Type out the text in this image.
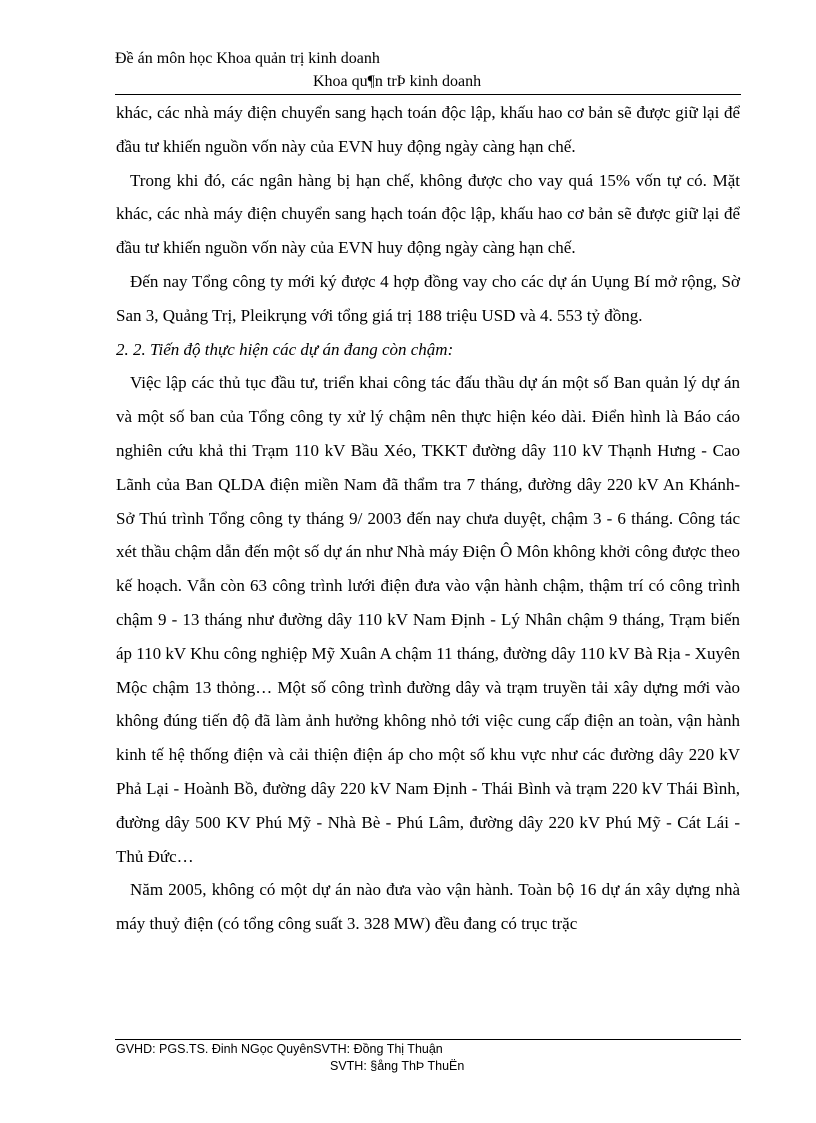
Đề án môn học Khoa quản trị kinh doanh
Khoa qu¶n trÞ kinh doanh

khác, các nhà máy điện chuyển sang hạch toán độc lập, khấu hao cơ bản sẽ được giữ lại để đầu tư khiến nguồn vốn này của EVN huy động ngày càng hạn chế.

Trong khi đó, các ngân hàng bị hạn chế, không được cho vay quá 15% vốn tự có. Mặt khác, các nhà máy điện chuyển sang hạch toán độc lập, khấu hao cơ bản sẽ được giữ lại để đầu tư khiến nguồn vốn này của EVN huy động ngày càng hạn chế.

Đến nay Tổng công ty mới ký được 4 hợp đồng vay cho các dự án Uụng Bí mở rộng, Sờ San 3, Quảng Trị, Pleikrụng với tổng giá trị 188 triệu USD và 4. 553 tỷ đồng.

2. 2. Tiến độ thực hiện các dự án đang còn chậm:

Việc lập các thủ tục đầu tư, triển khai công tác đấu thầu dự án một số Ban quản lý dự án và một số ban của Tổng công ty xử lý chậm nên thực hiện kéo dài. Điển hình là Báo cáo nghiên cứu khả thi Trạm 110 kV Bầu Xéo, TKKT đường dây 110 kV Thạnh Hưng - Cao Lãnh của Ban QLDA điện miền Nam đã thẩm tra 7 tháng, đường dây 220 kV An Khánh- Sở Thú trình Tổng công ty tháng 9/ 2003 đến nay chưa duyệt, chậm 3 - 6 tháng. Công tác xét thầu chậm dẫn đến một số dự án như Nhà máy Điện Ô Môn không khởi công được theo kế hoạch. Vẫn còn 63 công trình lưới điện đưa vào vận hành chậm, thậm trí có công trình chậm 9 - 13 tháng như đường dây 110 kV Nam Định - Lý Nhân chậm 9 tháng, Trạm biến áp 110 kV Khu công nghiệp Mỹ Xuân A chậm 11 tháng, đường dây 110 kV Bà Rịa - Xuyên Mộc chậm 13 thỏng… Một số công trình đường dây và trạm truyền tải xây dựng mới vào không đúng tiến độ đã làm ảnh hưởng không nhỏ tới việc cung cấp điện an toàn, vận hành kinh tế hệ thống điện và cải thiện điện áp cho một số khu vực như các đường dây 220 kV Phả Lại - Hoành Bồ, đường dây 220 kV Nam Định - Thái Bình và trạm 220 kV Thái Bình, đường dây 500 KV Phú Mỹ - Nhà Bè - Phú Lâm, đường dây 220 kV Phú Mỹ - Cát Lái - Thủ Đức…

Năm 2005, không có một dự án nào đưa vào vận hành. Toàn bộ 16 dự án xây dựng nhà máy thuỷ điện (có tổng công suất 3. 328 MW) đều đang có trục trặc

GVHD: PGS.TS. Đinh NGọc QuyênSVTH: Đồng Thị Thuận
SVTH: §ång ThÞ ThuËn
